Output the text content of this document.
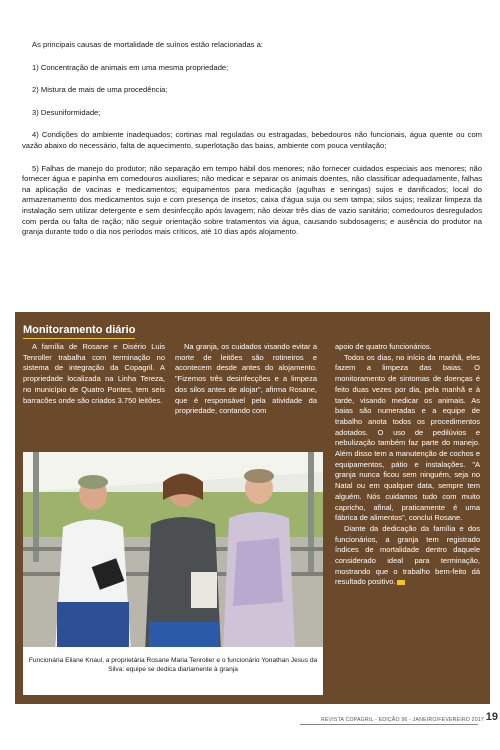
As principais causas de mortalidade de suínos estão relacionadas a:

1) Concentração de animais em uma mesma propriedade;

2) Mistura de mais de uma procedência;

3) Desuniformidade;

4) Condições do ambiente inadequados; cortinas mal reguladas ou estragadas, bebedouros não funcionais, água quente ou com vazão abaixo do necessário, falta de aquecimento, superlotação das baias, ambiente com pouca ventilação;

5) Falhas de manejo do produtor; não separação em tempo hábil dos menores; não fornecer cuidados especiais aos menores; não fornecer água e papinha em comedouros auxiliares; não medicar e separar os animais doentes, não classificar adequadamente, falhas na aplicação de vacinas e medicamentos; equipamentos para medicação (agulhas e seringas) sujos e danificados; local do armazenamento dos medicamentos sujo e com presença de insetos; caixa d'água suja ou sem tampa; silos sujos; realizar limpeza da instalação sem utilizar detergente e sem desinfecção após lavagem; não deixar três dias de vazio sanitário; comedouros desregulados com perda ou falta de ração; não seguir orientação sobre tratamentos via água, causando subdosagens; e ausência do produtor na granja durante todo o dia nos períodos mais críticos, até 10 dias após alojamento.

Monitoramento diário
A família de Rosane e Disério Luis Tenroller trabalha com terminação no sistema de integração da Copagril. A propriedade localizada na Linha Tereza, no município de Quatro Pontes, tem seis barracões onde são criados 3.750 leitões.
Na granja, os cuidados visando evitar a morte de leitões são rotineiros e acontecem desde antes do alojamento. "Fizemos três desinfecções e a limpeza dos silos antes de alojar", afirma Rosane, que é responsável pela atividade da propriedade, contando com
apoio de quatro funcionários.
Todos os dias, no início da manhã, eles fazem a limpeza das baias. O monitoramento de sintomas de doenças é feito duas vezes por dia, pela manhã e à tarde, visando medicar os animais. As baias são numeradas e a equipe de trabalho anota todos os procedimentos adotados. O uso de pedilúvios e nebulização também faz parte do manejo. Além disso tem a manutenção de cochos e equipamentos, pátio e instalações. "A granja nunca ficou sem ninguém, seja no Natal ou em qualquer data, sempre tem alguém. Nós cuidamos tudo com muito capricho, afinal, praticamente é uma fábrica de alimentos", conclui Rosane.
Diante da dedicação da família e dos funcionários, a granja tem registrado índices de mortalidade dentro daquele considerado ideal para terminação, mostrando que o trabalho bem-feito dá resultado positivo.
Funcionária Eliane Knaul, a proprietária Rosane Maria Tenroller e o funcionário Yonathan Jesus da Silva: equipe se dedica diariamente à granja
REVISTA COPAGRIL - EDIÇÃO 96 - JANEIRO/FEVEREIRO 2017 19
